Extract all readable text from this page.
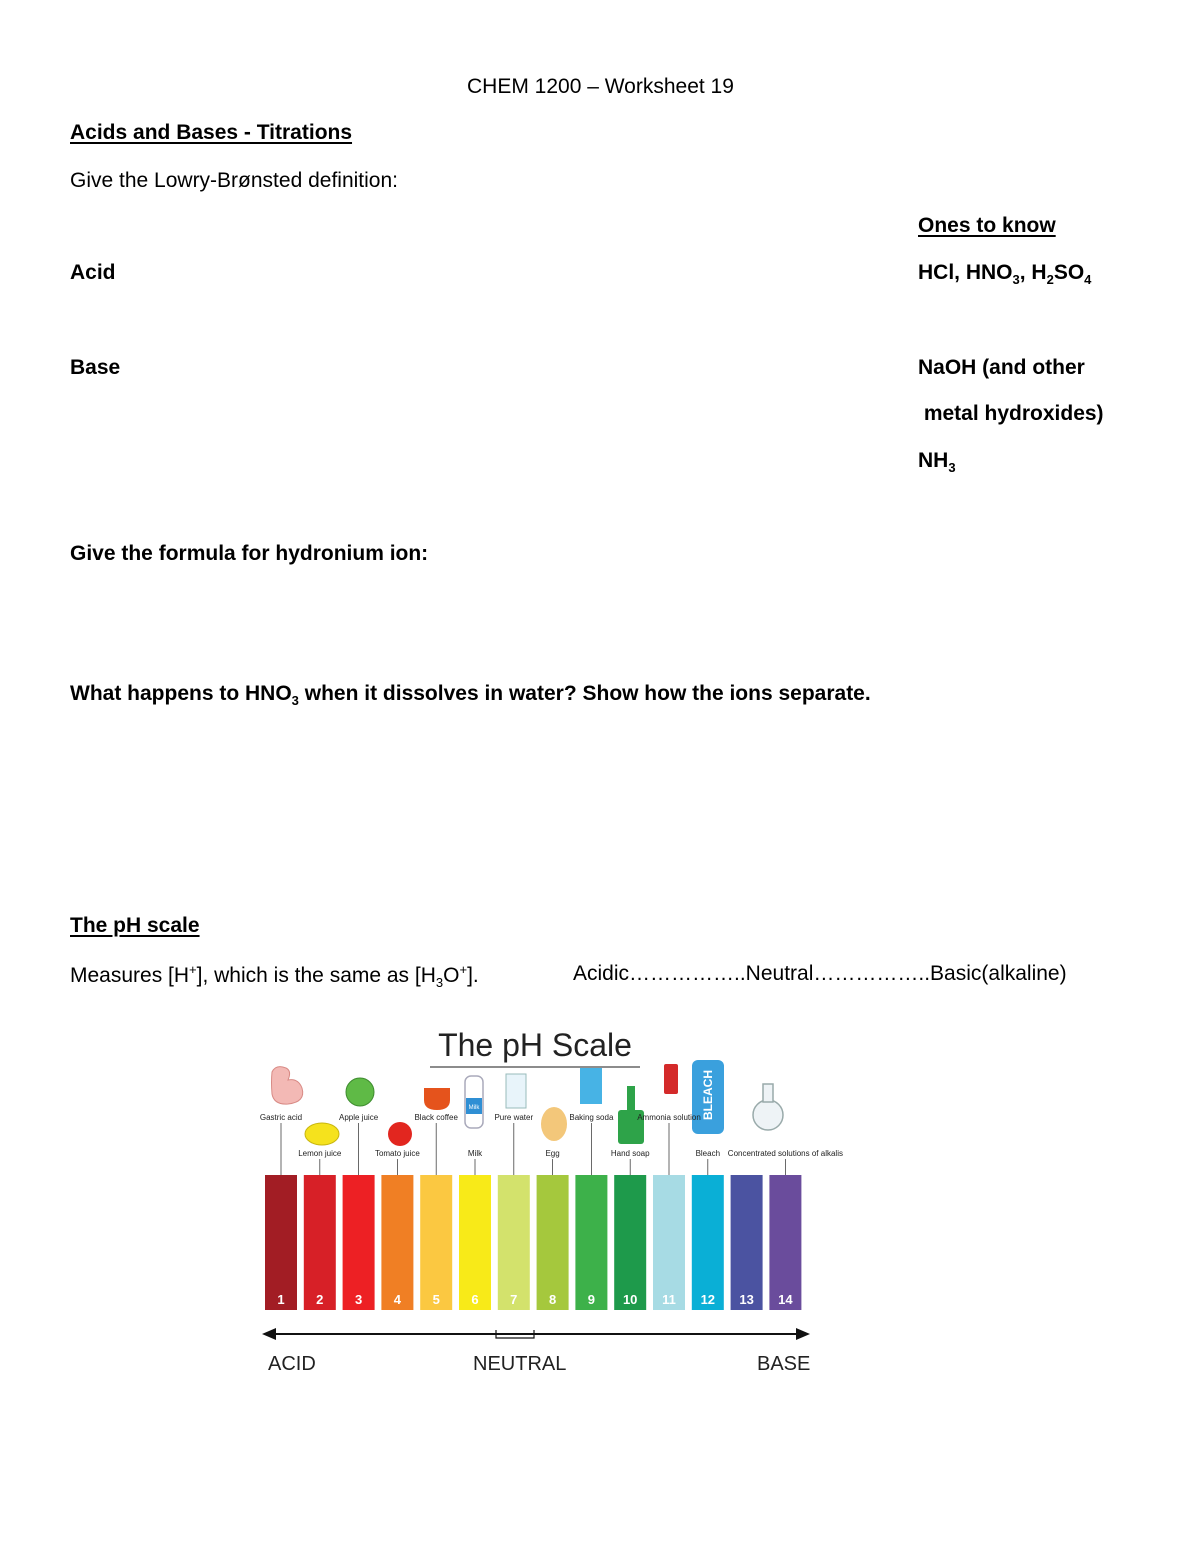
CHEM 1200 – Worksheet 19
Acids and Bases - Titrations
Give the Lowry-Brønsted definition:
Ones to know
Acid	HCl, $HNO_3$, $H_2SO_4$
Base	NaOH (and other
metal hydroxides)
$NH_3$
Give the formula for hydronium ion:
What happens to $HNO_3$ when it dissolves in water? Show how the ions separate.
The pH scale
Measures [H+], which is the same as $[H_3O^+]$.	Acidic……………..Neutral……………..Basic(alkaline)
The pH Scale
Milk	BLEACH
Gastric acid	Apple juice	Black coffee	Pure water	Baking soda	Ammonia solution
Lemon juice	Tomato juice	Milk	Egg	Hand soap	Bleach Concentrated solutions of alkalis
1 2 3 4 5 6 7 8 9 10 11 12 13 14
ACID	NEUTRAL	BASE
